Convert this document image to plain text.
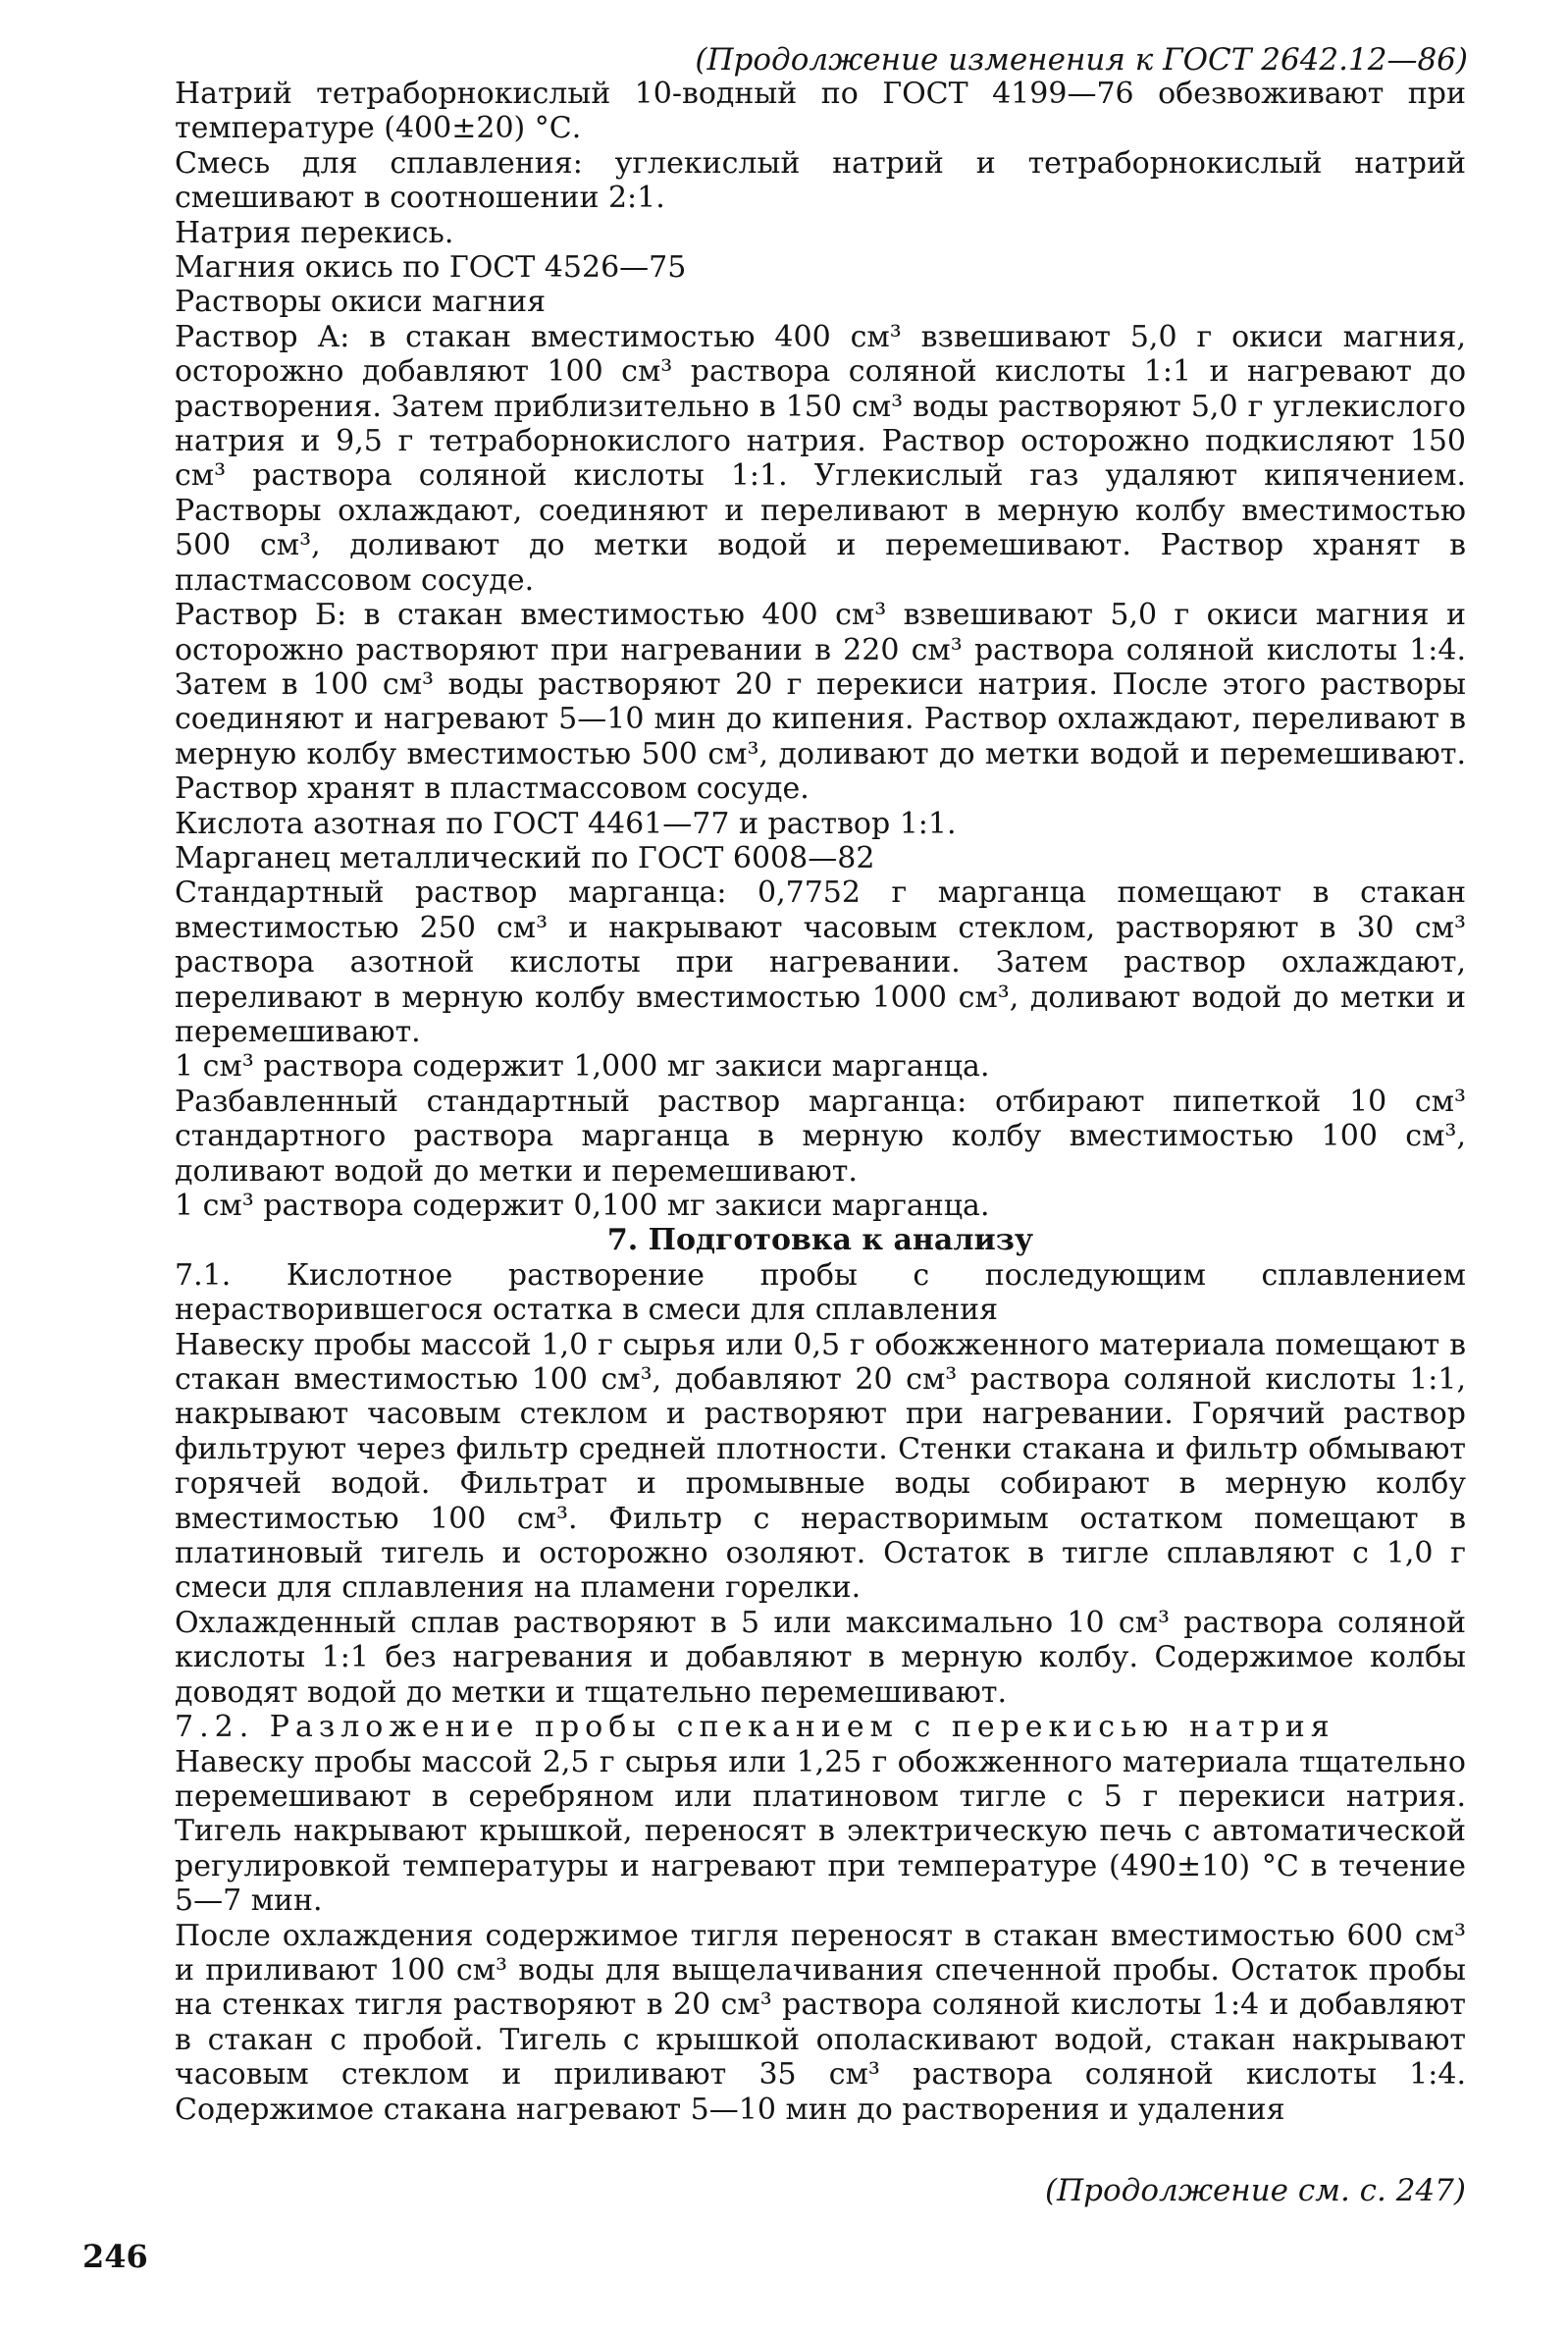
(Продолжение изменения к ГОСТ 2642.12—86)

Натрий тетраборнокислый 10-водный по ГОСТ 4199—76 обезвоживают при температуре (400±20) °С.

Смесь для сплавления: углекислый натрий и тетраборнокислый натрий смешивают в соотношении 2:1.

Натрия перекись.

Магния окись по ГОСТ 4526—75

Растворы окиси магния

Раствор А: в стакан вместимостью 400 см³ взвешивают 5,0 г окиси магния, осторожно добавляют 100 см³ раствора соляной кислоты 1:1 и нагревают до растворения. Затем приблизительно в 150 см³ воды растворяют 5,0 г углекислого натрия и 9,5 г тетраборнокислого натрия. Раствор осторожно подкисляют 150 см³ раствора соляной кислоты 1:1. Углекислый газ удаляют кипячением. Растворы охлаждают, соединяют и переливают в мерную колбу вместимостью 500 см³, доливают до метки водой и перемешивают. Раствор хранят в пластмассовом сосуде.

Раствор Б: в стакан вместимостью 400 см³ взвешивают 5,0 г окиси магния и осторожно растворяют при нагревании в 220 см³ раствора соляной кислоты 1:4. Затем в 100 см³ воды растворяют 20 г перекиси натрия. После этого растворы соединяют и нагревают 5—10 мин до кипения. Раствор охлаждают, переливают в мерную колбу вместимостью 500 см³, доливают до метки водой и перемешивают. Раствор хранят в пластмассовом сосуде.

Кислота азотная по ГОСТ 4461—77 и раствор 1:1.

Марганец металлический по ГОСТ 6008—82

Стандартный раствор марганца: 0,7752 г марганца помещают в стакан вместимостью 250 см³ и накрывают часовым стеклом, растворяют в 30 см³ раствора азотной кислоты при нагревании. Затем раствор охлаждают, переливают в мерную колбу вместимостью 1000 см³, доливают водой до метки и перемешивают.

1 см³ раствора содержит 1,000 мг закиси марганца.

Разбавленный стандартный раствор марганца: отбирают пипеткой 10 см³ стандартного раствора марганца в мерную колбу вместимостью 100 см³, доливают водой до метки и перемешивают.

1 см³ раствора содержит 0,100 мг закиси марганца.

7. Подготовка к анализу

7.1. Кислотное растворение пробы с последующим сплавлением нерастворившегося остатка в смеси для сплавления

Навеску пробы массой 1,0 г сырья или 0,5 г обожженного материала помещают в стакан вместимостью 100 см³, добавляют 20 см³ раствора соляной кислоты 1:1, накрывают часовым стеклом и растворяют при нагревании. Горячий раствор фильтруют через фильтр средней плотности. Стенки стакана и фильтр обмывают горячей водой. Фильтрат и промывные воды собирают в мерную колбу вместимостью 100 см³. Фильтр с нерастворимым остатком помещают в платиновый тигель и осторожно озоляют. Остаток в тигле сплавляют с 1,0 г смеси для сплавления на пламени горелки.

Охлажденный сплав растворяют в 5 или максимально 10 см³ раствора соляной кислоты 1:1 без нагревания и добавляют в мерную колбу. Содержимое колбы доводят водой до метки и тщательно перемешивают.

7.2. Разложение пробы спеканием с перекисью натрия

Навеску пробы массой 2,5 г сырья или 1,25 г обожженного материала тщательно перемешивают в серебряном или платиновом тигле с 5 г перекиси натрия. Тигель накрывают крышкой, переносят в электрическую печь с автоматической регулировкой температуры и нагревают при температуре (490±10) °С в течение 5—7 мин.

После охлаждения содержимое тигля переносят в стакан вместимостью 600 см³ и приливают 100 см³ воды для выщелачивания спеченной пробы. Остаток пробы на стенках тигля растворяют в 20 см³ раствора соляной кислоты 1:4 и добавляют в стакан с пробой. Тигель с крышкой ополаскивают водой, стакан накрывают часовым стеклом и приливают 35 см³ раствора соляной кислоты 1:4. Содержимое стакана нагревают 5—10 мин до растворения и удаления

(Продолжение см. с. 247)
246
